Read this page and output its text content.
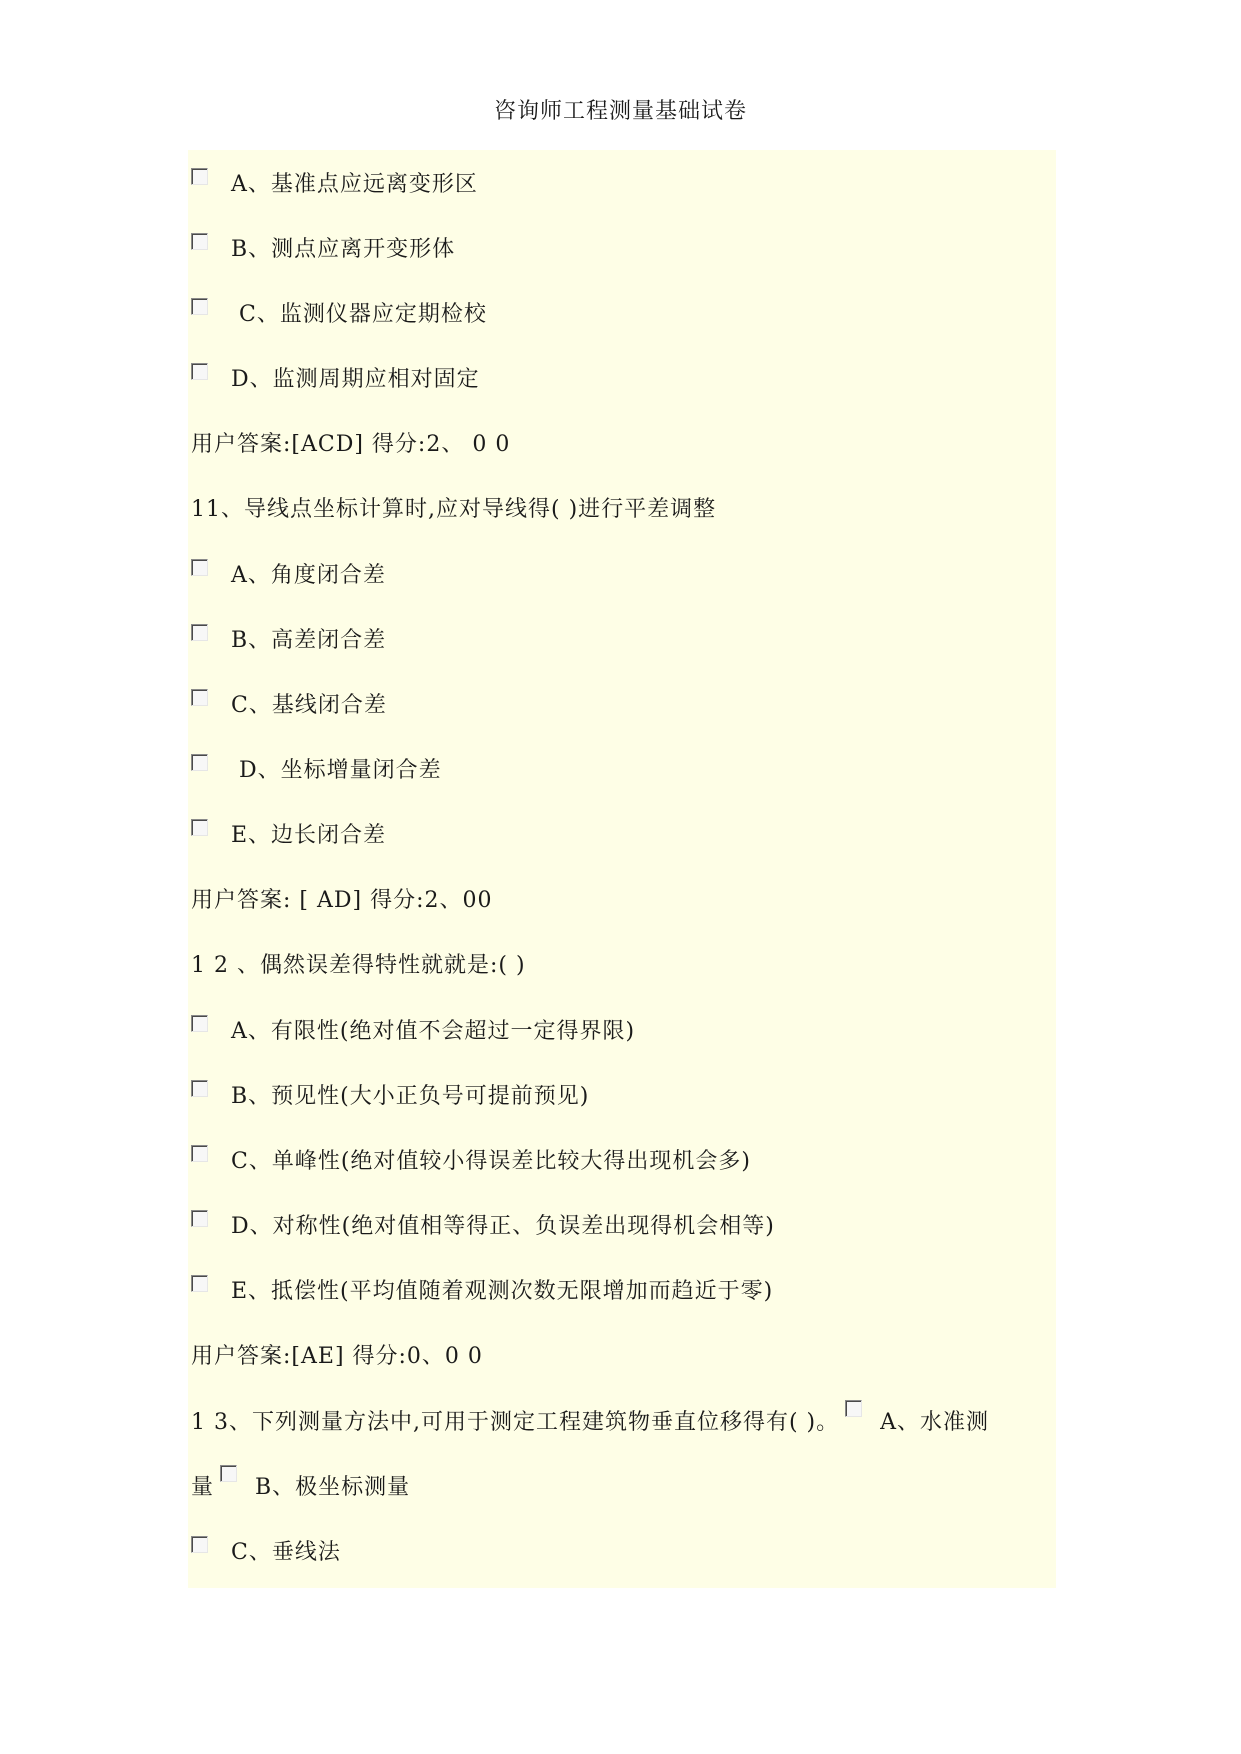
咨询师工程测量基础试卷
A、基准点应远离变形区
B、测点应离开变形体
C、监测仪器应定期检校
D、监测周期应相对固定
用户答案:[ACD] 得分:2、 0 0
11、导线点坐标计算时,应对导线得( )进行平差调整
A、角度闭合差
B、高差闭合差
C、基线闭合差
D、坐标增量闭合差
E、边长闭合差
用户答案: [ AD] 得分:2、00
1 2 、偶然误差得特性就就是:( )
A、有限性(绝对值不会超过一定得界限)
B、预见性(大小正负号可提前预见)
C、单峰性(绝对值较小得误差比较大得出现机会多)
D、对称性(绝对值相等得正、负误差出现得机会相等)
E、抵偿性(平均值随着观测次数无限增加而趋近于零)
用户答案:[AE] 得分:0、0 0
1 3、下列测量方法中,可用于测定工程建筑物垂直位移得有( )。 A、水准测
量 B、极坐标测量
C、垂线法
